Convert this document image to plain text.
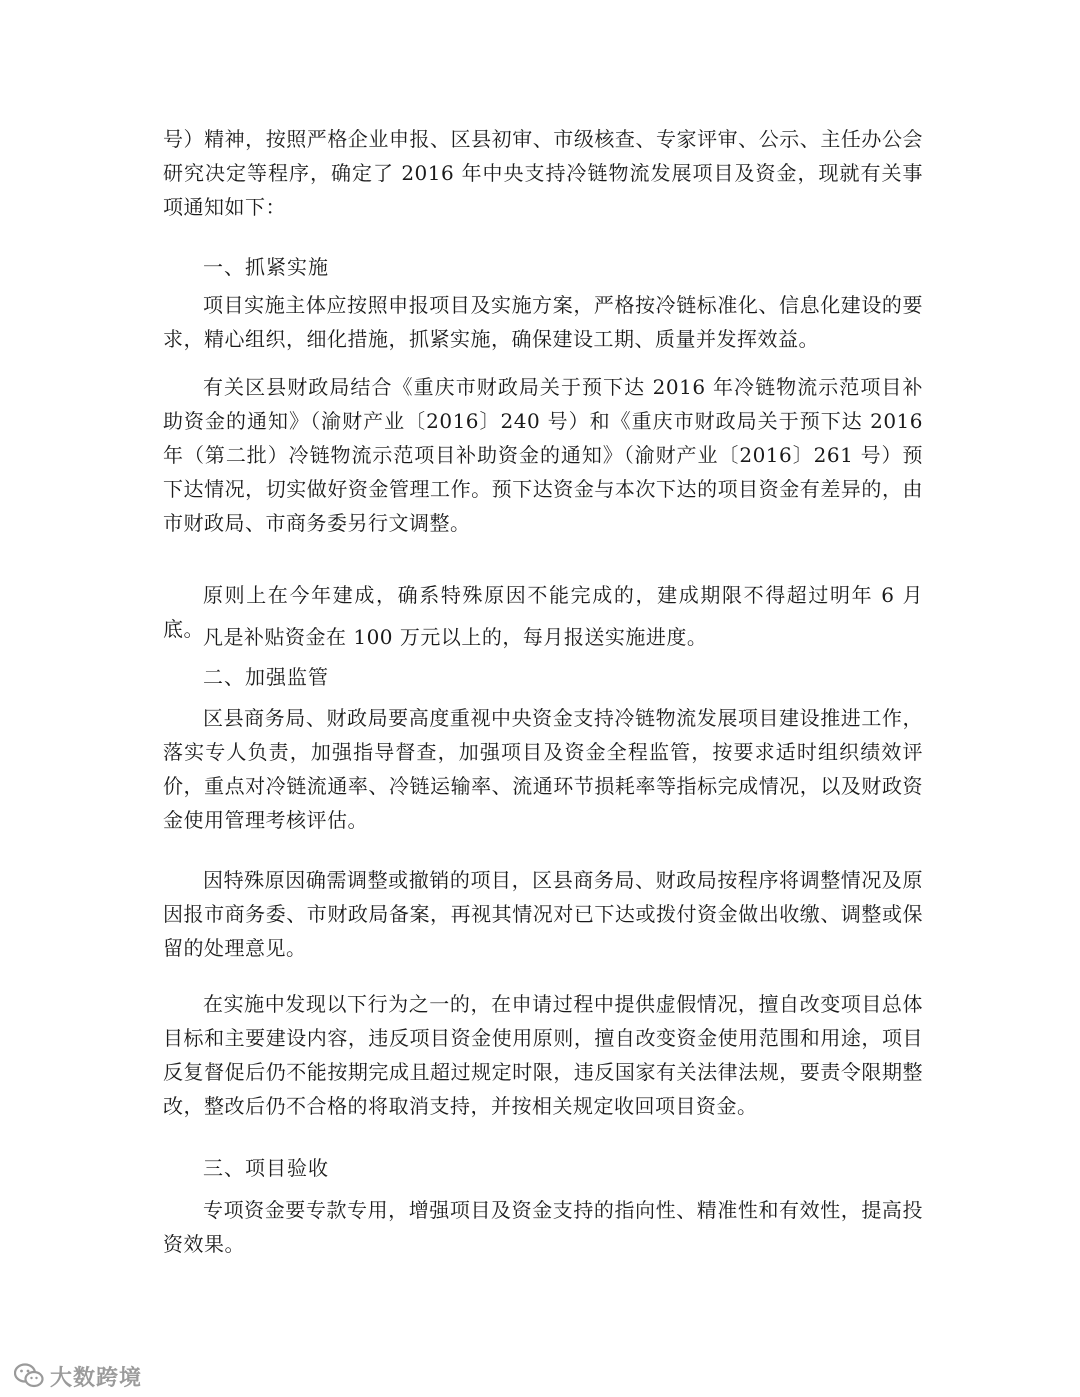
号）精神，按照严格企业申报、区县初审、市级核查、专家评审、公示、主任办公会研究决定等程序，确定了 2016 年中央支持冷链物流发展项目及资金，现就有关事项通知如下：

一、抓紧实施

项目实施主体应按照申报项目及实施方案，严格按冷链标准化、信息化建设的要求，精心组织，细化措施，抓紧实施，确保建设工期、质量并发挥效益。

有关区县财政局结合《重庆市财政局关于预下达 2016 年冷链物流示范项目补助资金的通知》（渝财产业〔2016〕240 号）和《重庆市财政局关于预下达 2016 年（第二批）冷链物流示范项目补助资金的通知》（渝财产业〔2016〕261 号）预下达情况，切实做好资金管理工作。预下达资金与本次下达的项目资金有差异的，由市财政局、市商务委另行文调整。

原则上在今年建成，确系特殊原因不能完成的，建成期限不得超过明年 6 月底。 凡是补贴资金在 100 万元以上的，每月报送实施进度。

二、加强监管

区县商务局、财政局要高度重视中央资金支持冷链物流发展项目建设推进工作，落实专人负责，加强指导督查，加强项目及资金全程监管，按要求适时组织绩效评价，重点对冷链流通率、冷链运输率、流通环节损耗率等指标完成情况，以及财政资金使用管理考核评估。

因特殊原因确需调整或撤销的项目，区县商务局、财政局按程序将调整情况及原因报市商务委、市财政局备案，再视其情况对已下达或拨付资金做出收缴、调整或保留的处理意见。

在实施中发现以下行为之一的，在申请过程中提供虚假情况，擅自改变项目总体目标和主要建设内容，违反项目资金使用原则，擅自改变资金使用范围和用途，项目反复督促后仍不能按期完成且超过规定时限，违反国家有关法律法规，要责令限期整改，整改后仍不合格的将取消支持，并按相关规定收回项目资金。

三、项目验收

专项资金要专款专用，增强项目及资金支持的指向性、精准性和有效性，提高投资效果。

大数跨境
